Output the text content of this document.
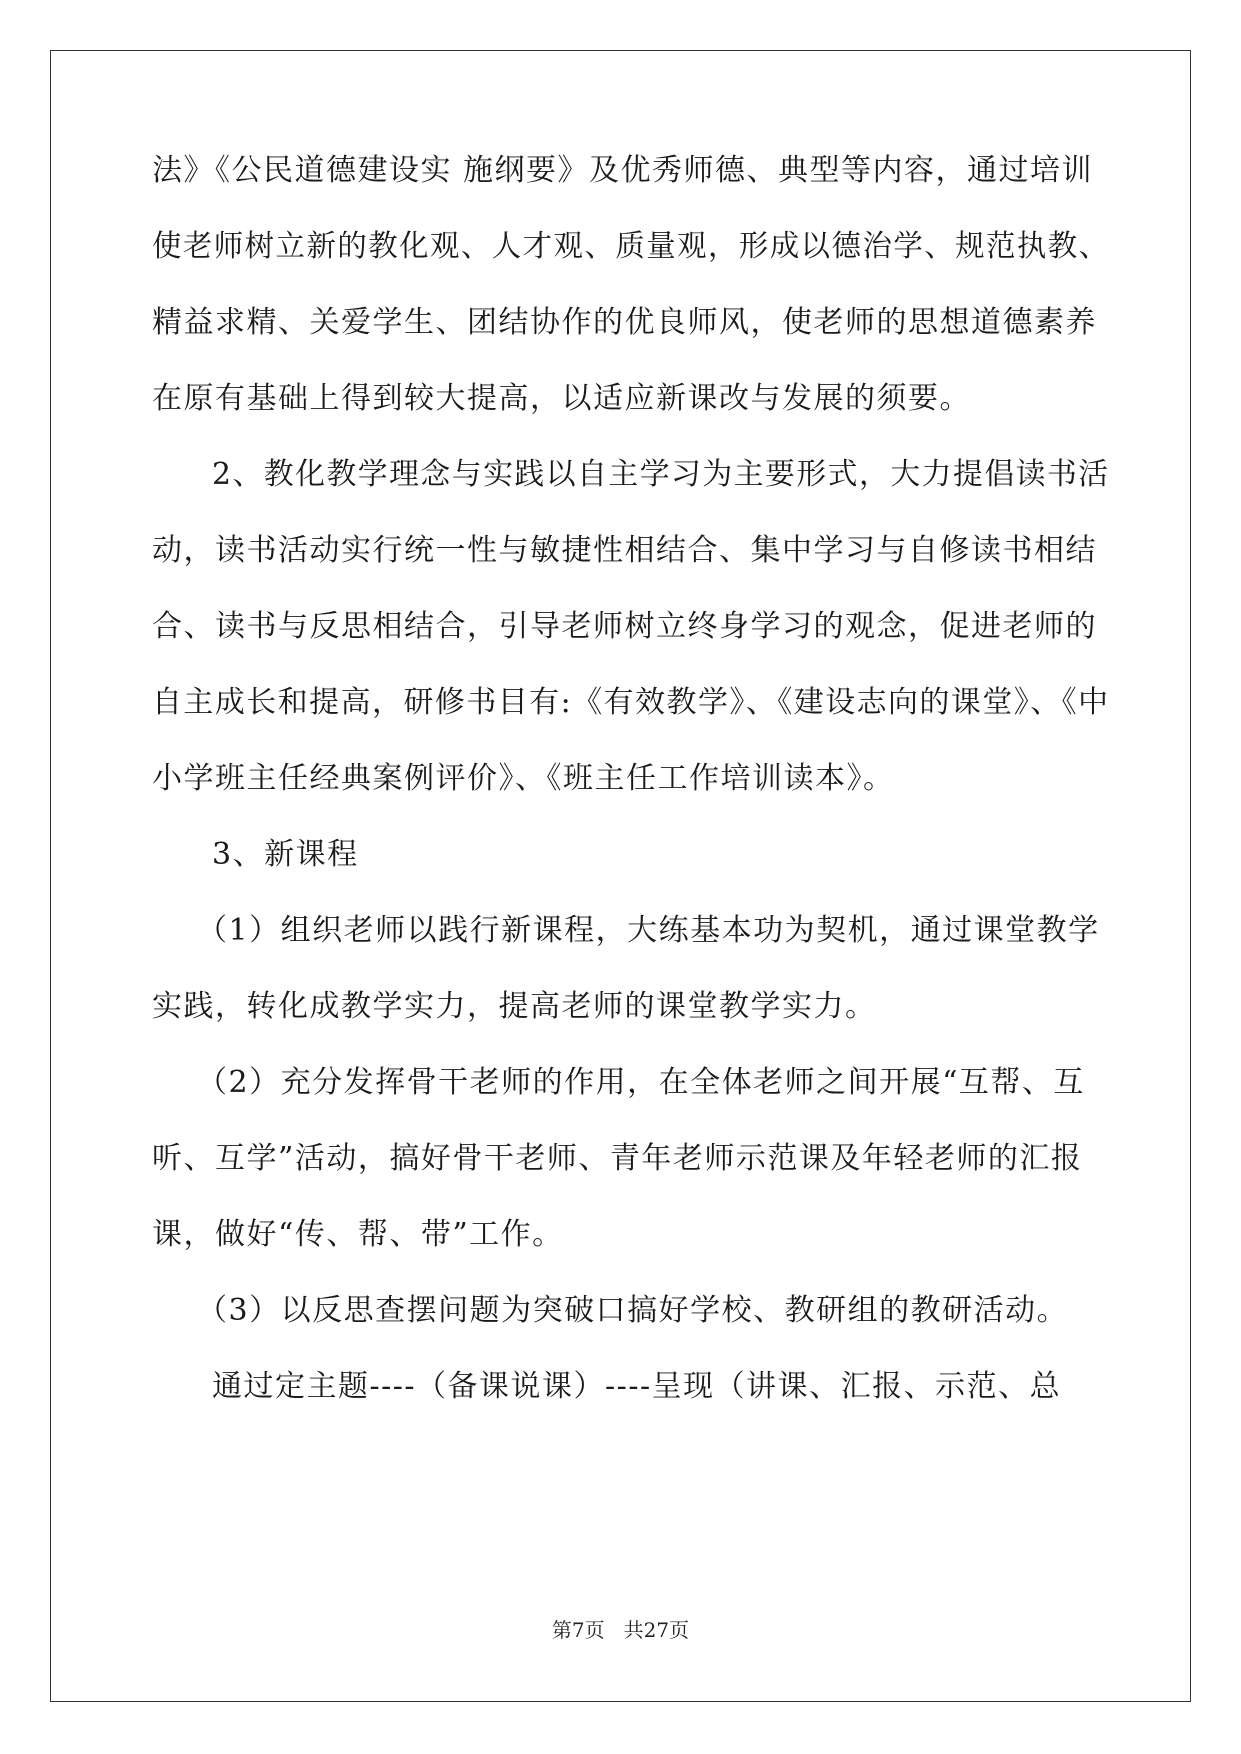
法》《公民道德建设实 施纲要》及优秀师德、典型等内容，通过培训
使老师树立新的教化观、人才观、质量观，形成以德治学、规范执教、
精益求精、关爱学生、团结协作的优良师风，使老师的思想道德素养
在原有基础上得到较大提高，以适应新课改与发展的须要。
2、教化教学理念与实践以自主学习为主要形式，大力提倡读书活
动，读书活动实行统一性与敏捷性相结合、集中学习与自修读书相结
合、读书与反思相结合，引导老师树立终身学习的观念，促进老师的
自主成长和提高，研修书目有:《有效教学》、《建设志向的课堂》、《中
小学班主任经典案例评价》、《班主任工作培训读本》。
3、新课程
（1）组织老师以践行新课程，大练基本功为契机，通过课堂教学
实践，转化成教学实力，提高老师的课堂教学实力。
（2）充分发挥骨干老师的作用，在全体老师之间开展“互帮、互
听、互学”活动，搞好骨干老师、青年老师示范课及年轻老师的汇报
课，做好“传、帮、带”工作。
（3）以反思查摆问题为突破口搞好学校、教研组的教研活动。
通过定主题----（备课说课）----呈现（讲课、汇报、示范、总
第7页 共27页
